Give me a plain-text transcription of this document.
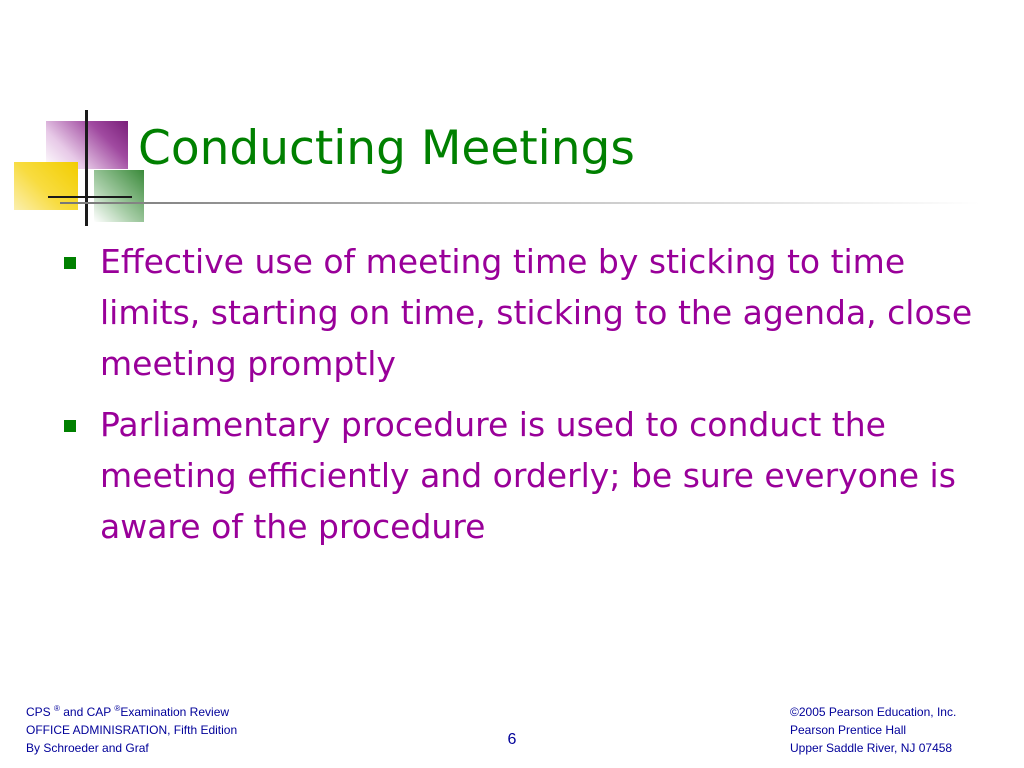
Conducting Meetings
Effective use of meeting time by sticking to time limits, starting on time, sticking to the agenda, close meeting promptly
Parliamentary procedure is used to conduct the meeting efficiently and orderly; be sure everyone is aware of the procedure
CPS ® and CAP ®Examination Review
OFFICE ADMINISRATION, Fifth Edition
By Schroeder and Graf	6
©2005 Pearson Education, Inc.
Pearson Prentice Hall
Upper Saddle River, NJ 07458
